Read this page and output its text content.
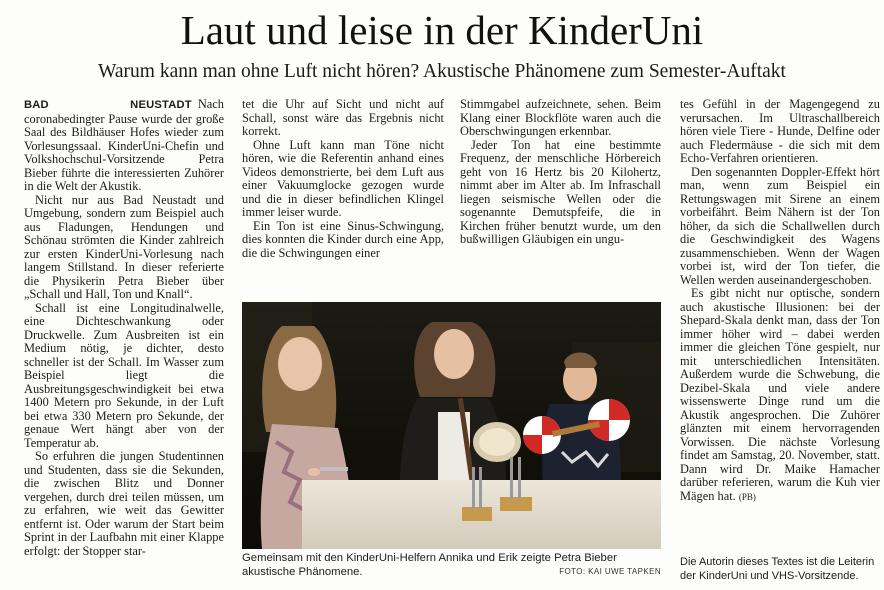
Laut und leise in der KinderUni
Warum kann man ohne Luft nicht hören? Akustische Phänomene zum Semester-Auftakt

BAD NEUSTADT Nach coronabedingter Pause wurde der große Saal des Bildhäuser Hofes wieder zum Vorlesungssaal. KinderUni-Chefin und Volkshochschul-Vorsitzende Petra Bieber führte die interessierten Zuhörer in die Welt der Akustik.

Nicht nur aus Bad Neustadt und Umgebung, sondern zum Beispiel auch aus Fladungen, Hendungen und Schönau strömten die Kinder zahlreich zur ersten KinderUni-Vorlesung nach langem Stillstand. In dieser referierte die Physikerin Petra Bieber über „Schall und Hall, Ton und Knall“.

Schall ist eine Longitudinalwelle, eine Dichteschwankung oder Druckwelle. Zum Ausbreiten ist ein Medium nötig, je dichter, desto schneller ist der Schall. Im Wasser zum Beispiel liegt die Ausbreitungsgeschwindigkeit bei etwa 1400 Metern pro Sekunde, in der Luft bei etwa 330 Metern pro Sekunde, der genaue Wert hängt aber von der Temperatur ab.

So erfuhren die jungen Studentinnen und Studenten, dass sie die Sekunden, die zwischen Blitz und Donner vergehen, durch drei teilen müssen, um zu erfahren, wie weit das Gewitter entfernt ist. Oder warum der Start beim Sprint in der Laufbahn mit einer Klappe erfolgt: der Stopper star-

tet die Uhr auf Sicht und nicht auf Schall, sonst wäre das Ergebnis nicht korrekt.

Ohne Luft kann man Töne nicht hören, wie die Referentin anhand eines Videos demonstrierte, bei dem Luft aus einer Vakuumglocke gezogen wurde und die in dieser befindlichen Klingel immer leiser wurde.

Ein Ton ist eine Sinus-Schwingung, dies konnten die Kinder durch eine App, die die Schwingungen einer

Stimmgabel aufzeichnete, sehen. Beim Klang einer Blockflöte waren auch die Oberschwingungen erkennbar.

Jeder Ton hat eine bestimmte Frequenz, der menschliche Hörbereich geht von 16 Hertz bis 20 Kilohertz, nimmt aber im Alter ab. Im Infraschall liegen seismische Wellen oder die sogenannte Demutspfeife, die in Kirchen früher benutzt wurde, um den bußwilligen Gläubigen ein ungu-

tes Gefühl in der Magengegend zu verursachen. Im Ultraschallbereich hören viele Tiere - Hunde, Delfine oder auch Fledermäuse - die sich mit dem Echo-Verfahren orientieren.

Den sogenannten Doppler-Effekt hört man, wenn zum Beispiel ein Rettungswagen mit Sirene an einem vorbeifährt. Beim Nähern ist der Ton höher, da sich die Schallwellen durch die Geschwindigkeit des Wagens zusammenschieben. Wenn der Wagen vorbei ist, wird der Ton tiefer, die Wellen werden auseinandergeschoben.

Es gibt nicht nur optische, sondern auch akustische Illusionen: bei der Shepard-Skala denkt man, dass der Ton immer höher wird – dabei werden immer die gleichen Töne gespielt, nur mit unterschiedlichen Intensitäten. Außerdem wurde die Schwebung, die Dezibel-Skala und viele andere wissenswerte Dinge rund um die Akustik angesprochen. Die Zuhörer glänzten mit einem hervorragenden Vorwissen. Die nächste Vorlesung findet am Samstag, 20. November, statt. Dann wird Dr. Maike Hamacher darüber referieren, warum die Kuh vier Mägen hat. (PB)

Gemeinsam mit den KinderUni-Helfern Annika und Erik zeigte Petra Bieber akustische Phänomene.	FOTO: KAI UWE TAPKEN
Die Autorin dieses Textes ist die Leiterin der KinderUni und VHS-Vorsitzende.
